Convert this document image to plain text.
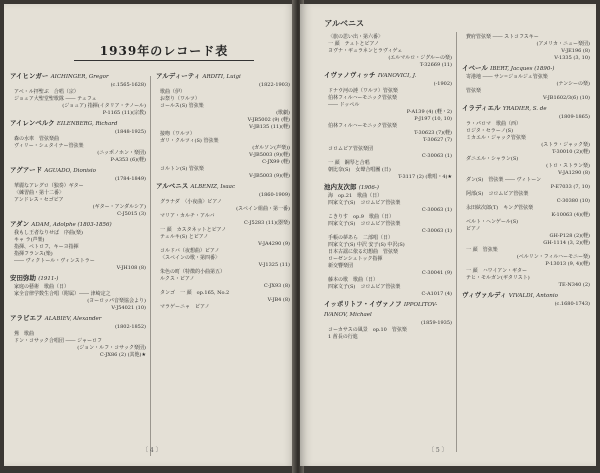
1939年のレコード表
アイヒンガー AICHINGER, Gregor
(c.1565-1628)
アベ・ル拝聖ぶ　合唱（宗）
ジョュア大聖堂聖歌隊 ―― テュフェ
(ジョュア) 指揮(イタリア・テノール)
P-1165 (11)(宗教)
アイレンベルク EILENBERG, Richard
(1848-1925)
森の水車　管弦楽曲
ヴィリー・シュタイナー管弦楽
(ニッポノホン・楽団)
P-A353 (6)(軽)
アグアード AGUADO, Dionisio
(1784-1849)
華麗なアレグロ（独奏）ギター
〈練習曲・第十二番〉
アンドレス・セゴビア
(ギター・アンダルシア)
C-J5015 (3)
アダン ADAM, Adolphe (1803-1856)
我もし王者なりせば　序曲(楽)
キャ ラ(声楽)
指揮、ペトロフ、キーヨ指揮
指揮フランス(楽)
―― ヴィクトール・ヴィンストラー
V-JH108 (8)
安田弥助 (1911-)
家庭の藝術　歌曲（日）
家全音律学数生合唱（附属）―― 津崎定之
(ヨーロッパ音楽協会より)
V-J54021 (10)
アラビエフ ALABIEV, Alexander
(1802-1852)
鶯　歌曲
ドン・コサック合唱団 ―― ジャーロフ
(ジョン・ルフ・コサック楽団)
C-JX86 (2) (其他)★
アルディーティ ARDITI, Luigi
(1822-1903)
歌曲（伊）
お祭り（ワルツ）
コールス(S) 管弦楽
(歌劇)
V-JB5002 (9) (軽)
V-JB135 (11)(軽)
接吻（ワルツ）
ガリ・クルツィ(S) 管弦楽
(ガルソン(声楽))
V-JB5003 (9)(軽)
C-JX99 (軽)
コルトン(S) 管弦楽
V-JB5003 (9)(軽)
アルベニス ALBENIZ, Isaac
(1860-1909)
グラナダ　〈小夜曲〉ピアノ
(スペイン組曲・第一番)
マリア・カルチ・アルバ
C-J5283 (11)(器楽)
一 顔　カスタネットとピアノ
テュルキ(S) とピアノ
V-JA4290 (9)
コルドバ（夜想曲）ピアノ
〈スペインの歌・第四番〉
V-J1325 (11)
朱色の町（特徴的小曲第五）
ルクス・ピアノ
C-JX93 (8)
タンゴ　一 顔　op.165, No.2
V-JB4 (8)
マラゲーニャ　ピアノ
〔 4 〕
アルベニス
〈旅の思い出・第六番〉
一 顔　テュトとピアノ
ヨヴナ・ギュラネンとラヴィゲェ
(エルマルロ・ジグルーの楽)
T-32669 (11)
イヴァノヴィッチ IVANOVICI, J.
(-1902)
ドナウ河の漣（ワルツ）管弦楽
伯林フィルハーモニック管弦楽
―― ドッペル
P-A139 (4) (軽・2)
P-J197 (10, 10)
伯林フィルハーモニック管弦楽
T-30623 (7)(軽)
T-30627 (7)
コロムビア管弦楽団
C-30063 (1)
一 顔　鋼琴と合唱
朝比奈(S)　女聲合唱團 (日)
T-3117 (2) (歌唱・4)★
池内友次郎 (1906-)
海　op.21　歌曲（日）
四家文子(S)　コロムビア管弦楽
C-30063 (1)
こきりす　op.9　歌曲（日）
四家文子(S)　コロムビア管弦楽
C-30063 (1)
手帳の夢あら　二部唱（日）
四家文子(S) 中沢 安子(S) 中沢(S)
日本古謡に依る幻想曲　管弦楽
ローゼンシュトック指揮
新交響楽団
C-30041 (9)
藤本の歌　歌曲（日）
四家文子(S)　コロムビア管弦楽
C-A1017 (4)
イッポリトフ・イヴァノフ IPPOLITOV-IVANOV, Michael
(1859-1935)
コーカサスの風景　op.10　管弦楽
1 酋長の行進
費府管弦楽 ―― ストコフスキー
(アメリカ・ニュー楽団)
V-JE196 (8)
V-1335 (3, 10)
イベール IBERT, Jacques (1890-)
寄港地 ―― サン=ジョルジュ管弦楽
(ナンシーの楽)
管弦楽
V-JB1602/3(6) (10)
イラディエル YRADIER, S. de
(1809-1865)
ラ・パロマ　歌曲（西）
ロジタ・セラーノ(S)
ミカエル・ジャック管弦楽
(ストラ・ジャック楽)
T-30010 (2)(軽)
ダニエル・シャラン(S)
(トロ・ストラン楽)
V-JA1290 (8)
ダン(S)　管弦楽 ―― ヴィトーン
P-E7033 (7, 10)
阿部(S)　コロムビア管弦楽
C-30380 (10)
永田絃次郎(T)　キング管弦楽
K-10063 (4)(軽)
ベルト・ヘンゲール(S)
ピアノ
GH-P128 (2)(軽)
GH-1114 (3, 2)(軽)
一 顔　管弦楽
(ベルリン・フィルハーモニー楽)
P-13013 (9, 4)(軽)
一 顔　ハワイアン・ギター
テヒ・モルガン(ギタリスト)
TE-N340 (2)
ヴィヴァルディ VIVALDI, Antonio
(c.1680-1743)
〔 5 〕
